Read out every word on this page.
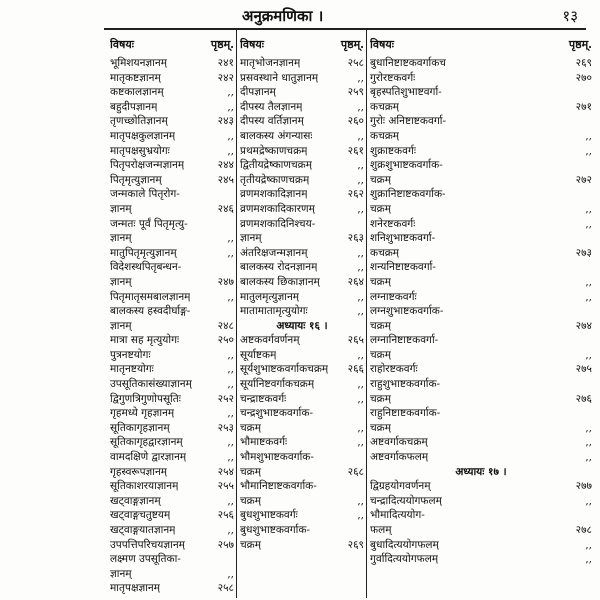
अनुक्रमणिका ।	१३
विषयः	पृष्ठम्.
भूमिशयनज्ञानम्	२४१
मातृकष्टज्ञानम्	२४२
कष्टकालज्ञानम्	,,
बहुदीपज्ञानम्	,,
तृणच्छोतिज्ञानम्	२४३
मातृपक्षकुलज्ञानम्	,,
मातृपक्षसुभ्रयोगः	,,
पितृपरोक्षजन्मज्ञानम्	२४४
पितृमृत्युज्ञानम्	२४५
जन्मकाले पितृरोग-
ज्ञानम्	२४६
जन्मतः पूर्वं पितृमृत्यु-
ज्ञानम्	,,
मातुपितृमृत्युज्ञानम्	,,
विदेशस्थपितृबन्धन-
ज्ञानम्	२४७
पितृमातृसमबालज्ञानम्	,,
बालकस्य हस्वदीर्घाङ्ग-
ज्ञानम्	२४८
मात्रा सह मृत्युयोगः	२५०
पुत्रनष्टयोगः	,,
मातृनष्टयोगः	,,
उपसूतिकासंख्याज्ञानम्	,,
द्विगुणत्रिगुणोपसूतिः	२५२
गृहमध्ये गृहज्ञानम्	,,
सूतिकागृहज्ञानम्	२५३
सूतिकागृहद्वारज्ञानम्	,,
वामदक्षिणे द्वारज्ञानम्	,,
गृहस्वरूपज्ञानम्	२५४
सूतिकाशरयाज्ञानम्	२५५
खट्वाङ्गज्ञानम्	,,
खट्वाङ्गचतुष्टयम्	२५६
खट्वाङ्गयातज्ञानम्	,,
उपपत्तिपरिचयज्ञानम्	२५७
लक्ष्मण उपसूतिका-
ज्ञानम्	,,
मातृपक्षज्ञानम्	२५८
विषयः	पृष्ठम्.
मातृभोजनज्ञानम्	२५८
प्रसवस्थाने धातुज्ञानम्	,,
दीपज्ञानम्	२५९
दीपस्य तैलज्ञानम्	,,
दीपस्य वर्तिज्ञानम्	२६०
बालकस्य अंगन्यासः	,,
प्रथमद्रेष्काणचक्रम्	२६१
द्वितीयद्रेष्काणचक्रम्	,,
तृतीयद्रेष्काणचक्रम्	,,
व्रणमशकादिज्ञानम्	२६२
व्रणमशकादिकारणम्	,,
व्रणमशकादिनिश्चय-
ज्ञानम्	२६३
अंतरिक्षजन्मज्ञानम्	,,
बालकस्य रोदनज्ञानम्	,,
बालकस्य छिकाज्ञानम्	२६४
मातुलमृत्युज्ञानम्	,,
मातामातामृत्युयोगः	,,
अध्यायः १६ ।
अष्टकवर्गवर्णनम्	२६५
सूर्याष्टकम्	,,
सूर्यशुभाष्टकवर्गाकचक्रम् २६६
सूर्यानिष्टवर्गाकचक्रम्	,,
चन्द्राष्टकवर्गः	,,
चन्द्रशुभाष्टकवर्गाक-
चक्रम्	,,
भौमाष्टकवर्गः	,,
भौमशुभाष्टकवर्गाक-
चक्रम्	२६८
भौमानिष्टाष्टकवर्गाक-
चक्रम्	,,
बुधशुभाष्टकवर्गः	,,
बुधशुभाष्टकवर्गाक-
चक्रम्	२६९
विषयः	पृष्ठम्.
बुधानिष्टाष्टकवर्गाकच	२६९
गुरोरष्टकवर्गः	२७०
बृहस्पतिशुभाष्टवर्गा-
कचक्रम्	२७१
गुरोः अनिष्टाष्टकवर्गा-
कचक्रम्	,,
शुक्राष्टकवर्गः	,,
शुक्रशुभाष्टकवर्गाक-
चक्रम्	२७२
शुक्रानिष्टाष्टकवर्गाक-
चक्रम्	,,
शनेरष्टकवर्गः	,,
शनिशुभाष्टकवर्गा-
कचक्रम्	२७३
शन्यनिष्टाष्टकवर्गा-
चक्रम्	,,
लग्नाष्टकवर्गः	,,
लग्नशुभाष्टकवर्गाक-
चक्रम्	२७४
लग्नानिष्टाष्टकवर्गा-
चक्रम्	,,
राहोरष्टकवर्गः	२७५
राहुशुभाष्टकवर्गाक-
चक्रम्	२७६
राहुनिष्टाष्टकवर्गाक-
चक्रम्	,,
अष्टवर्गाकचक्रम्	,,
अष्टवर्गाकफलम्	,,
अध्यायः १७ ।
द्विग्रहयोगवर्णनम्	२७७
चन्द्रादित्ययोगफलम्	,,
भौमादित्ययोग-
फलम्	२७८
बुधादित्ययोगफलम्	,,
गुर्वादित्ययोगफलम्	,,
